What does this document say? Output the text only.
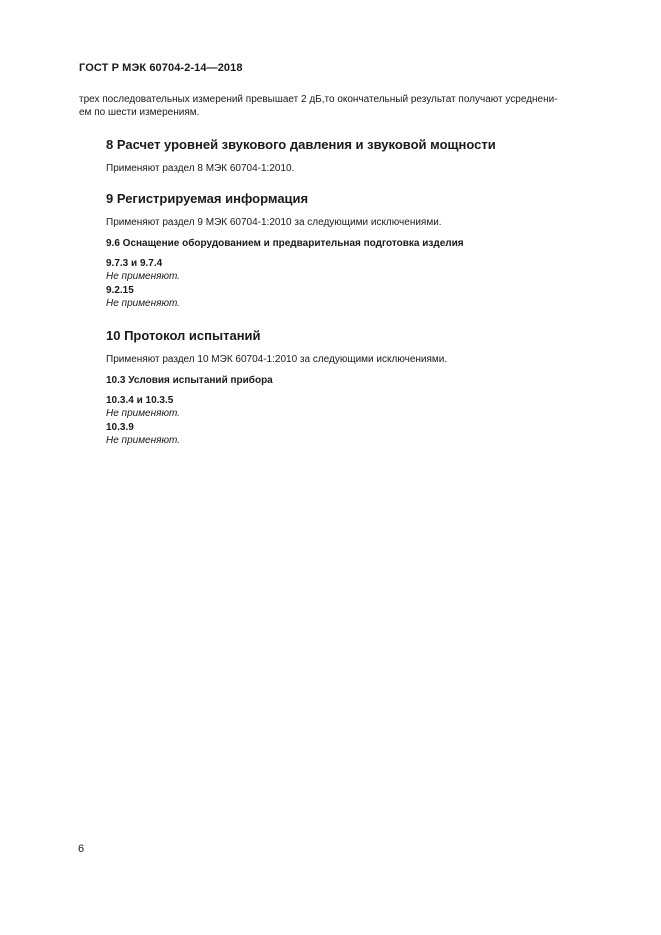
ГОСТ Р МЭК 60704-2-14—2018
трех последовательных измерений превышает 2 дБ,то окончательный результат получают усреднени-
ем по шести измерениям.
8 Расчет уровней звукового давления и звуковой мощности
Применяют раздел 8 МЭК 60704-1:2010.
9 Регистрируемая информация
Применяют раздел 9 МЭК 60704-1:2010 за следующими исключениями.
9.6 Оснащение оборудованием и предварительная подготовка изделия
9.7.3 и 9.7.4
Не применяют.
9.2.15
Не применяют.
10 Протокол испытаний
Применяют раздел 10 МЭК 60704-1:2010 за следующими исключениями.
10.3 Условия испытаний прибора
10.3.4 и 10.3.5
Не применяют.
10.3.9
Не применяют.
6
